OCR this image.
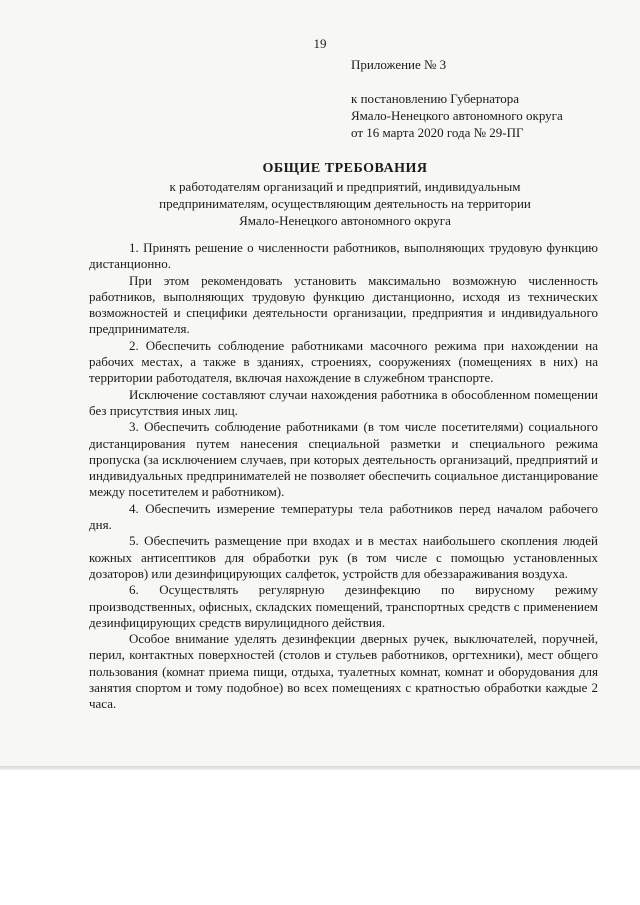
19
Приложение № 3
к постановлению Губернатора
Ямало-Ненецкого автономного округа
от 16 марта 2020 года № 29-ПГ
ОБЩИЕ ТРЕБОВАНИЯ
к работодателям организаций и предприятий, индивидуальным
предпринимателям, осуществляющим деятельность на территории
Ямало-Ненецкого автономного округа

1. Принять решение о численности работников, выполняющих трудовую функцию дистанционно.

При этом рекомендовать установить максимально возможную численность работников, выполняющих трудовую функцию дистанционно, исходя из технических возможностей и специфики деятельности организации, предприятия и индивидуального предпринимателя.

2. Обеспечить соблюдение работниками масочного режима при нахождении на рабочих местах, а также в зданиях, строениях, сооружениях (помещениях в них) на территории работодателя, включая нахождение в служебном транспорте.

Исключение составляют случаи нахождения работника в обособленном помещении без присутствия иных лиц.

3. Обеспечить соблюдение работниками (в том числе посетителями) социального дистанцирования путем нанесения специальной разметки и специального режима пропуска (за исключением случаев, при которых деятельность организаций, предприятий и индивидуальных предпринимателей не позволяет обеспечить социальное дистанцирование между посетителем и работником).

4. Обеспечить измерение температуры тела работников перед началом рабочего дня.

5. Обеспечить размещение при входах и в местах наибольшего скопления людей кожных антисептиков для обработки рук (в том числе с помощью установленных дозаторов) или дезинфицирующих салфеток, устройств для обеззараживания воздуха.

6. Осуществлять регулярную дезинфекцию по вирусному режиму производственных, офисных, складских помещений, транспортных средств с применением дезинфицирующих средств вирулицидного действия.

Особое внимание уделять дезинфекции дверных ручек, выключателей, поручней, перил, контактных поверхностей (столов и стульев работников, оргтехники), мест общего пользования (комнат приема пищи, отдыха, туалетных комнат, комнат и оборудования для занятия спортом и тому подобное) во всех помещениях с кратностью обработки каждые 2 часа.
